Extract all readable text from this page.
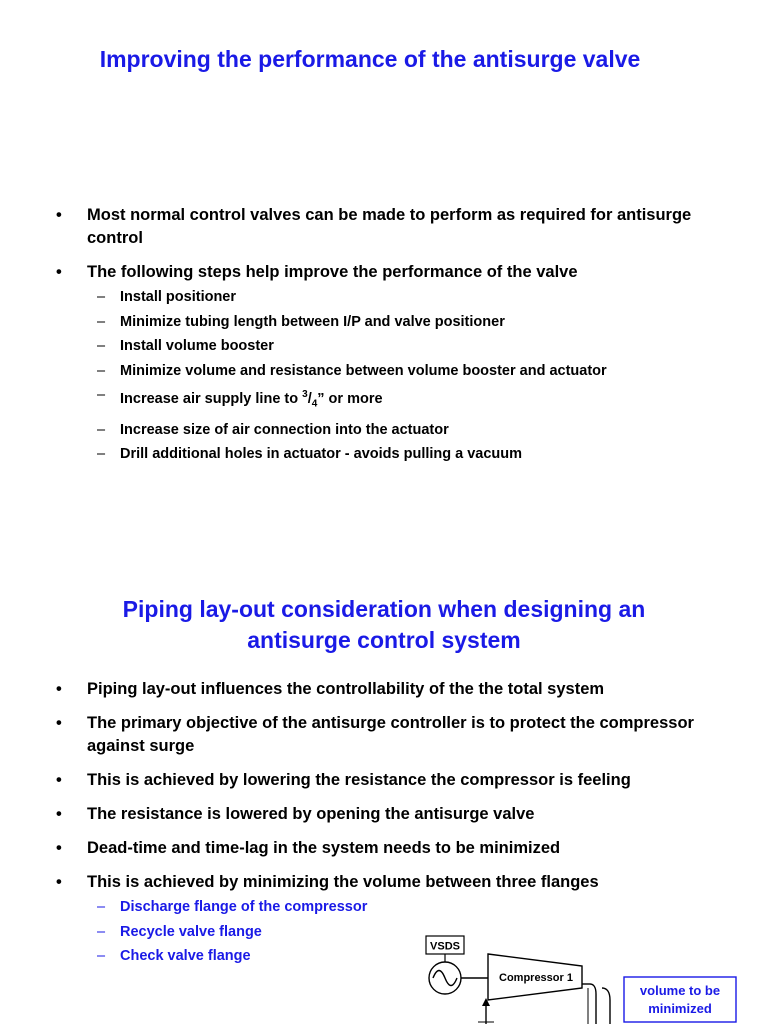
Improving the performance of the antisurge valve
• Most normal control valves can be made to perform as required for antisurge control
• The following steps help improve the performance of the valve
– Install positioner
– Minimize tubing length between I/P and valve positioner
– Install volume booster
– Minimize volume and resistance between volume booster and actuator
– Increase air supply line to $^3/_4$” or more
– Increase size of air connection into the actuator
– Drill additional holes in actuator - avoids pulling a vacuum
Piping lay-out consideration when designing an
antisurge control system
• Piping lay-out influences the controllability of the the total system
• The primary objective of the antisurge controller is to protect the compressor against surge
• This is achieved by lowering the resistance the compressor is feeling
• The resistance is lowered by opening the antisurge valve
• Dead-time and time-lag in the system needs to be minimized
• This is achieved by minimizing the volume between three flanges
– Discharge flange of the compressor
– Recycle valve flange
– Check valve flange
VSDS
Compressor 1
volume to be
minimized
